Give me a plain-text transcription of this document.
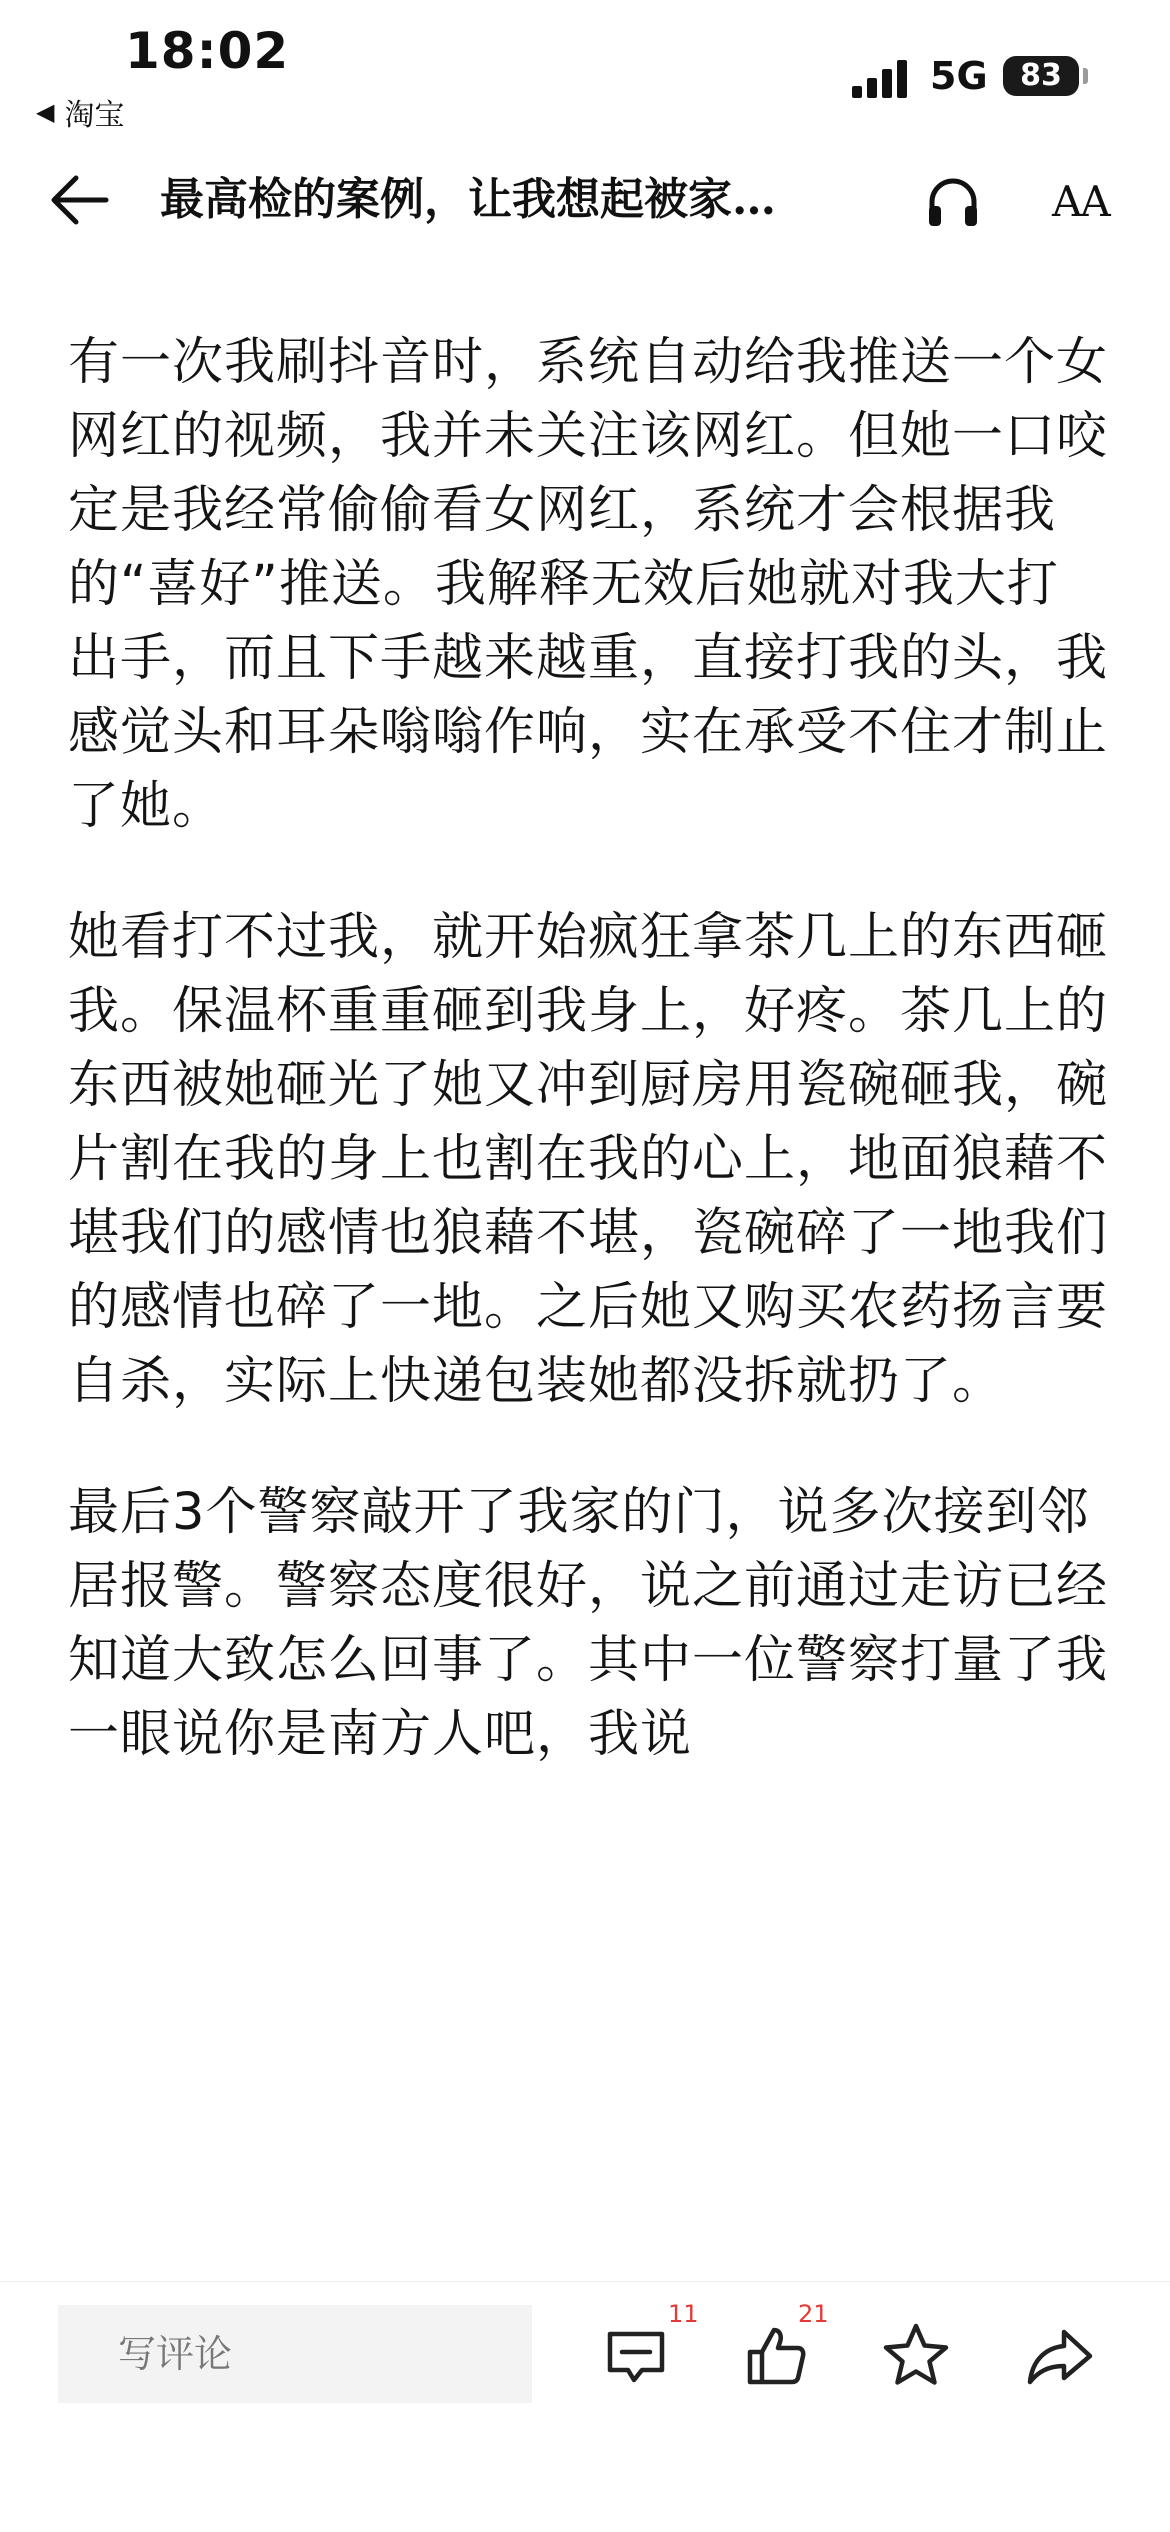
18:02
◀ 淘宝
5G	83
最高检的案例，让我想起被家…	AA

有一次我刷抖音时，系统自动给我推送一个女网红的视频，我并未关注该网红。但她一口咬定是我经常偷偷看女网红，系统才会根据我的“喜好”推送。我解释无效后她就对我大打出手，而且下手越来越重，直接打我的头，我感觉头和耳朵嗡嗡作响，实在承受不住才制止了她。

她看打不过我，就开始疯狂拿茶几上的东西砸我。保温杯重重砸到我身上，好疼。茶几上的东西被她砸光了她又冲到厨房用瓷碗砸我，碗片割在我的身上也割在我的心上，地面狼藉不堪我们的感情也狼藉不堪，瓷碗碎了一地我们的感情也碎了一地。之后她又购买农药扬言要自杀，实际上快递包装她都没拆就扔了。

最后3个警察敲开了我家的门，说多次接到邻居报警。警察态度很好，说之前通过走访已经知道大致怎么回事了。其中一位警察打量了我一眼说你是南方人吧，我说

写评论
11	21
